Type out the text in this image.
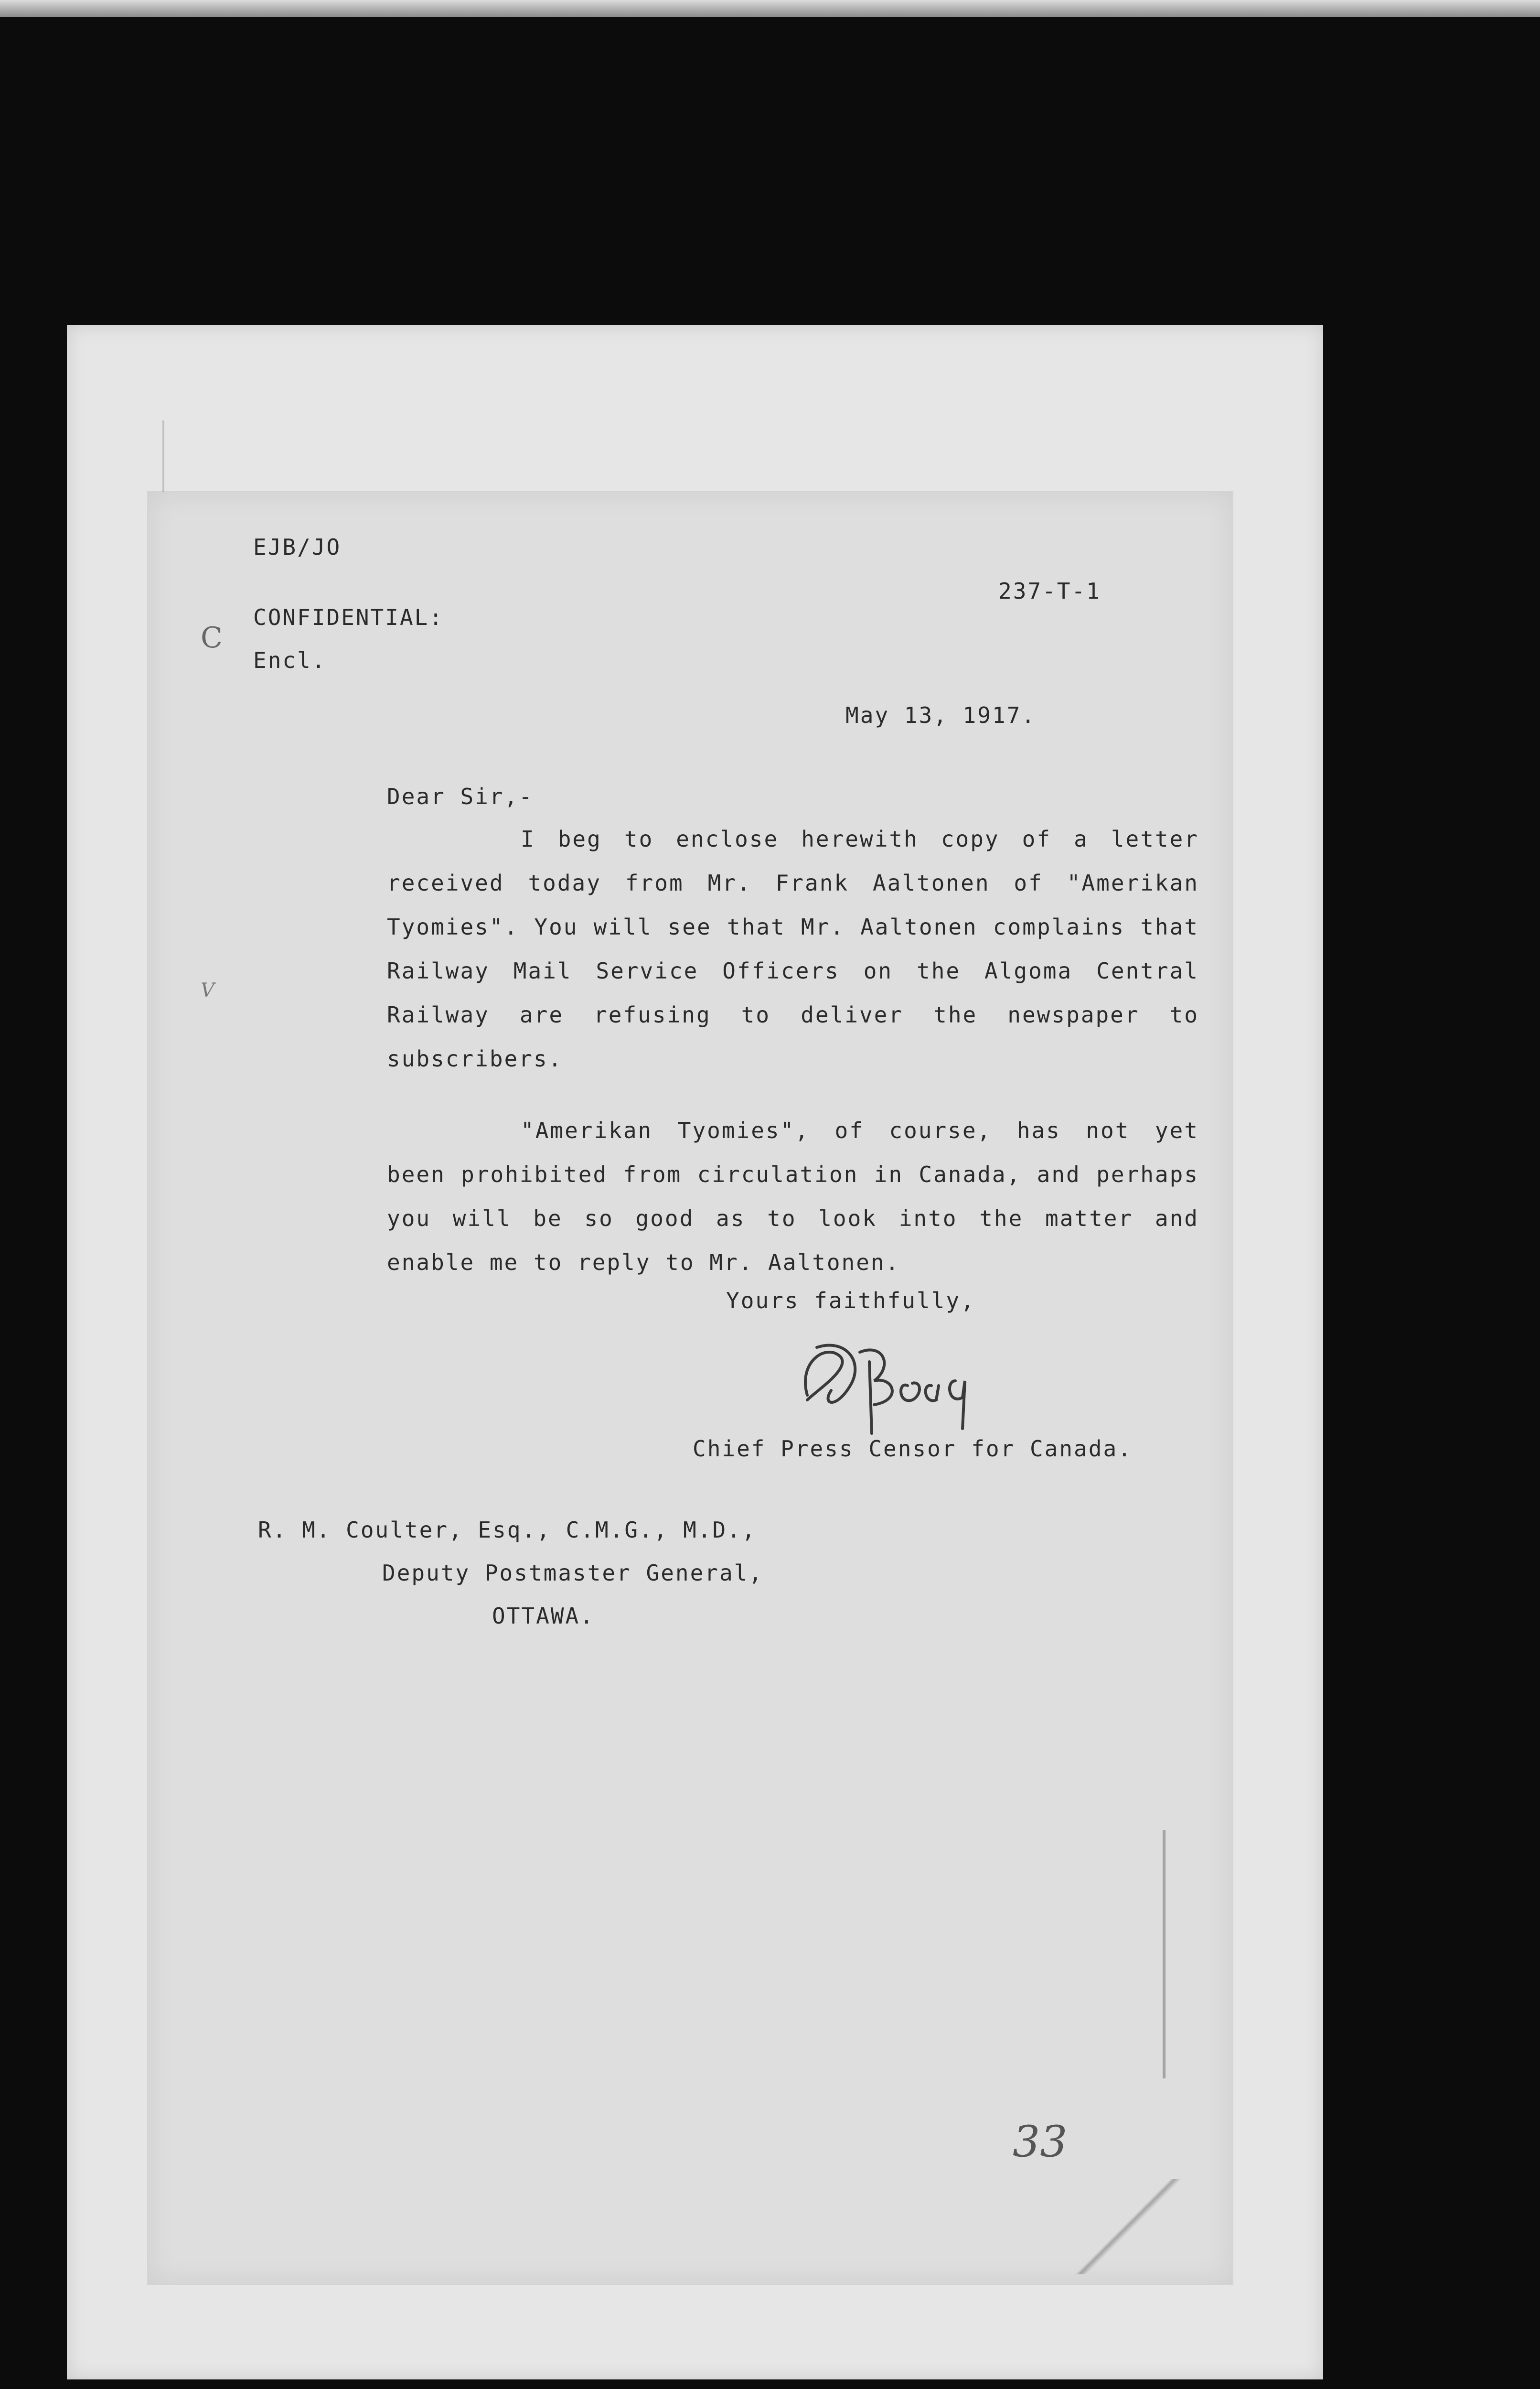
EJB/JO
237-T-1
CONFIDENTIAL:
Encl.
May 13, 1917.
C
V
Dear Sir,-
I beg to enclose herewith copy of a letter received today from Mr. Frank Aaltonen of "Amerikan Tyomies". You will see that Mr. Aaltonen complains that Railway Mail Service Officers on the Algoma Central Railway are refusing to deliver the newspaper to subscribers.
"Amerikan Tyomies", of course, has not yet been prohibited from circulation in Canada, and perhaps you will be so good as to look into the matter and enable me to reply to Mr. Aaltonen.
Yours faithfully,
Chief Press Censor for Canada.
R. M. Coulter, Esq., C.M.G., M.D.,
Deputy Postmaster General,
OTTAWA.
33
